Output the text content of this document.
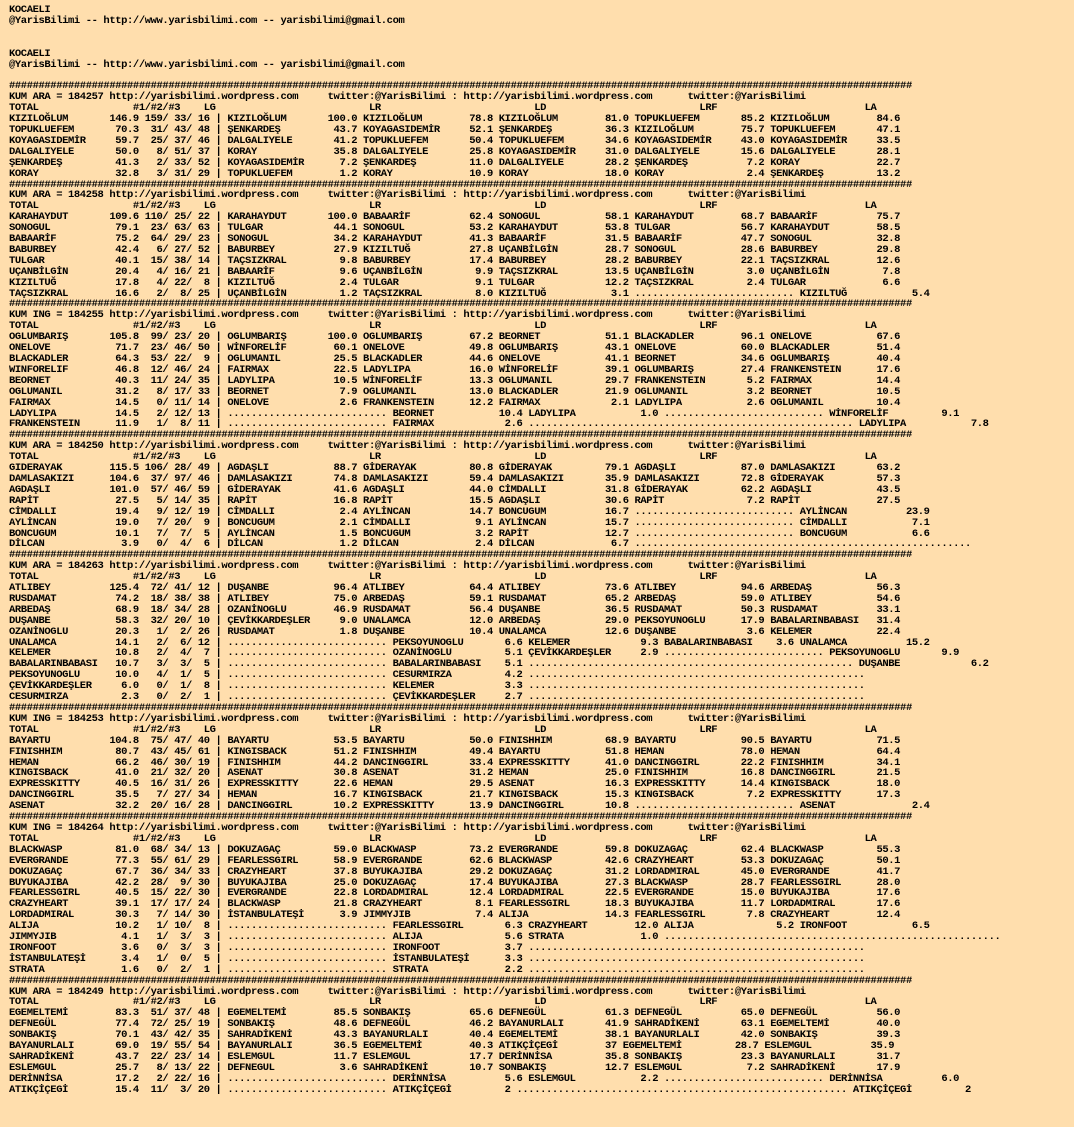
KOCAELI
@YarisBilimi -- http://www.yarisbilimi.com -- yarisbilimi@gmail.com

KOCAELI
@YarisBilimi -- http://www.yarisbilimi.com -- yarisbilimi@gmail.com

#########################################################################################################################################################
KUM ARA = 184257 http://yarisbilimi.wordpress.com     twitter:@YarisBilimi : http://yarisbilimi.wordpress.com      twitter:@YarisBilimi
TOTAL                #1/#2/#3    LG                          LR                          LD                          LRF                         LA
KIZILOĞLUM       146.9 159/ 33/ 16 | KIZILOĞLUM       100.0 KIZILOĞLUM        78.8 KIZILOĞLUM        81.0 TOPUKLUEFEM       85.2 KIZILOĞLUM        84.6
TOPUKLUEFEM       70.3  31/ 43/ 48 | ŞENKARDEŞ         43.7 KOYAGASIDEMİR     52.1 ŞENKARDEŞ         36.3 KIZILOĞLUM        75.7 TOPUKLUEFEM       47.1
KOYAGASIDEMİR     59.7  25/ 37/ 46 | DALGALIYELE       41.2 TOPUKLUEFEM       50.4 TOPUKLUEFEM       34.6 KOYAGASIDEMİR     43.0 KOYAGASIDEMİR     33.5
DALGALIYELE       50.0   8/ 51/ 37 | KORAY             35.8 DALGALIYELE       25.8 KOYAGASIDEMİR     31.0 DALGALIYELE       15.6 DALGALIYELE       28.1
ŞENKARDEŞ         41.3   2/ 33/ 52 | KOYAGASIDEMİR      7.2 ŞENKARDEŞ         11.0 DALGALIYELE       28.2 ŞENKARDEŞ          7.2 KORAY             22.7
KORAY             32.8   3/ 31/ 29 | TOPUKLUEFEM        1.2 KORAY             10.9 KORAY             18.0 KORAY              2.4 ŞENKARDEŞ         13.2
#########################################################################################################################################################
KUM ARA = 184258 http://yarisbilimi.wordpress.com     twitter:@YarisBilimi : http://yarisbilimi.wordpress.com      twitter:@YarisBilimi
TOTAL                #1/#2/#3    LG                          LR                          LD                          LRF                         LA
KARAHAYDUT       109.6 110/ 25/ 22 | KARAHAYDUT       100.0 BABAARİF          62.4 SONOGUL           58.1 KARAHAYDUT        68.7 BABAARİF          75.7
SONOGUL           79.1  23/ 63/ 63 | TULGAR            44.1 SONOGUL           53.2 KARAHAYDUT        53.8 TULGAR            56.7 KARAHAYDUT        58.5
BABAARİF          75.2  64/ 29/ 23 | SONOGUL           34.2 KARAHAYDUT        41.3 BABAARİF          31.5 BABAARİF          47.7 SONOGUL           32.8
BABURBEY          42.4   6/ 27/ 52 | BABURBEY          27.9 KIZILTUĞ          27.8 UÇANBİLGİN        28.7 SONOGUL           28.6 BABURBEY          29.8
TULGAR            40.1  15/ 38/ 14 | TAÇSIZKRAL         9.8 BABURBEY          17.4 BABURBEY          28.2 BABURBEY          22.1 TAÇSIZKRAL        12.6
UÇANBİLGİN        20.4   4/ 16/ 21 | BABAARİF           9.6 UÇANBİLGİN         9.9 TAÇSIZKRAL        13.5 UÇANBİLGİN         3.0 UÇANBİLGİN         7.8
KIZILTUĞ          17.8   4/ 22/  8 | KIZILTUĞ           2.4 TULGAR             9.1 TULGAR            12.2 TAÇSIZKRAL         2.4 TULGAR             6.6
TAÇSIZKRAL        16.6   2/  8/ 25 | UÇANBİLGİN         1.2 TAÇSIZKRAL         8.0 KIZILTUĞ           3.1 ........................... KIZILTUĞ           5.4
#########################################################################################################################################################
KUM ING = 184255 http://yarisbilimi.wordpress.com     twitter:@YarisBilimi : http://yarisbilimi.wordpress.com      twitter:@YarisBilimi
TOTAL                #1/#2/#3    LG                          LR                          LD                          LRF                         LA
OGLUMBARIŞ       105.8  99/ 23/ 20 | OGLUMBARIŞ       100.0 OGLUMBARIŞ        67.2 BEORNET           51.1 BLACKADLER        96.1 ONELOVE           67.6
ONELOVE           71.7  23/ 46/ 50 | WİNFORELİF        60.1 ONELOVE           49.8 OGLUMBARIŞ        43.1 ONELOVE           60.0 BLACKADLER        51.4
BLACKADLER        64.3  53/ 22/  9 | OGLUMANIL         25.5 BLACKADLER        44.6 ONELOVE           41.1 BEORNET           34.6 OGLUMBARIŞ        40.4
WINFORELIF        46.8  12/ 46/ 24 | FAIRMAX           22.5 LADYLIPA          16.0 WİNFORELİF        39.1 OGLUMBARIŞ        27.4 FRANKENSTEIN      17.6
BEORNET           40.3  11/ 24/ 35 | LADYLIPA          10.5 WİNFORELİF        13.3 OGLUMANIL         29.7 FRANKENSTEIN       5.2 FAIRMAX           14.4
OGLUMANIL         31.2   8/ 17/ 33 | BEORNET            7.9 OGLUMANIL         13.0 BLACKADLER        21.9 OGLUMANIL          3.2 BEORNET           10.5
FAIRMAX           14.5   0/ 11/ 14 | ONELOVE            2.6 FRANKENSTEIN      12.2 FAIRMAX            2.1 LADYLIPA           2.6 OGLUMANIL         10.4
LADYLIPA          14.5   2/ 12/ 13 | ........................... BEORNET           10.4 LADYLIPA           1.0 ........................... WİNFORELİF         9.1
FRANKENSTEIN      11.9   1/  8/ 11 | ........................... FAIRMAX            2.6 ....................................................... LADYLIPA           7.8
#########################################################################################################################################################
KUM ARA = 184250 http://yarisbilimi.wordpress.com     twitter:@YarisBilimi : http://yarisbilimi.wordpress.com      twitter:@YarisBilimi
TOTAL                #1/#2/#3    LG                          LR                          LD                          LRF                         LA
GIDERAYAK        115.5 106/ 28/ 49 | AGDAŞLI           88.7 GİDERAYAK         80.8 GİDERAYAK         79.1 AGDAŞLI           87.0 DAMLASAKIZI       63.2
DAMLASAKIZI      104.6  37/ 97/ 46 | DAMLASAKIZI       74.8 DAMLASAKIZI       59.4 DAMLASAKIZI       35.9 DAMLASAKIZI       72.8 GİDERAYAK         57.3
AGDAŞLI          101.0  57/ 46/ 59 | GİDERAYAK         41.6 AGDAŞLI           44.0 CİMDALLI          31.8 GİDERAYAK         62.2 AGDAŞLI           43.5
RAPİT             27.5   5/ 14/ 35 | RAPİT             16.8 RAPİT             15.5 AGDAŞLI           30.6 RAPİT              7.2 RAPİT             27.5
CİMDALLI          19.4   9/ 12/ 19 | CİMDALLI           2.4 AYLİNCAN          14.7 BONCUGUM          16.7 ........................... AYLİNCAN          23.9
AYLİNCAN          19.0   7/ 20/  9 | BONCUGUM           2.1 CİMDALLI           9.1 AYLİNCAN          15.7 ........................... CİMDALLI           7.1
BONCUGUM          10.1   7/  7/  5 | AYLİNCAN           1.5 BONCUGUM           3.2 RAPİT             12.7 ........................... BONCUGUM           6.6
DİLCAN             3.9   0/  4/  6 | DİLCAN             1.2 DİLCAN             2.4 DİLCAN             6.7 .........................................................
#########################################################################################################################################################
KUM ARA = 184263 http://yarisbilimi.wordpress.com     twitter:@YarisBilimi : http://yarisbilimi.wordpress.com      twitter:@YarisBilimi
TOTAL                #1/#2/#3    LG                          LR                          LD                          LRF                         LA
ATLIBEY          125.4  72/ 41/ 12 | DUŞANBE           96.4 ATLIBEY           64.4 ATLIBEY           73.6 ATLIBEY           94.6 ARBEDAŞ           56.3
RUSDAMAT          74.2  18/ 38/ 38 | ATLIBEY           75.0 ARBEDAŞ           59.1 RUSDAMAT          65.2 ARBEDAŞ           59.0 ATLIBEY           54.6
ARBEDAŞ           68.9  18/ 34/ 28 | OZANİNOGLU        46.9 RUSDAMAT          56.4 DUŞANBE           36.5 RUSDAMAT          50.3 RUSDAMAT          33.1
DUŞANBE           58.3  32/ 20/ 10 | ÇEVİKKARDEŞLER     9.0 UNALAMCA          12.0 ARBEDAŞ           29.0 PEKSOYUNOGLU      17.9 BABALARINBABASI   31.4
OZANİNOGLU        20.3   1/  2/ 26 | RUSDAMAT           1.8 DUŞANBE           10.4 UNALAMCA          12.6 DUŞANBE            3.6 KELEMER           22.4
UNALAMCA          14.1   2/  6/ 12 | ........................... PEKSOYUNOGLU       6.6 KELEMER            9.3 BABALARINBABASI    3.6 UNALAMCA          15.2
KELEMER           10.8   2/  4/  7 | ........................... OZANİNOGLU         5.1 ÇEVİKKARDEŞLER     2.9 ........................... PEKSOYUNOGLU       9.9
BABALARINBABASI   10.7   3/  3/  5 | ........................... BABALARINBABASI    5.1 ....................................................... DUŞANBE            6.2
PEKSOYUNOGLU      10.0   4/  1/  5 | ........................... CESURMIRZA         4.2 .........................................................
ÇEVİKKARDEŞLER     6.0   0/  1/  8 | ........................... KELEMER            3.3 .........................................................
CESURMIRZA         2.3   0/  2/  1 | ........................... ÇEVİKKARDEŞLER     2.7 .........................................................
#########################################################################################################################################################
KUM ING = 184253 http://yarisbilimi.wordpress.com     twitter:@YarisBilimi : http://yarisbilimi.wordpress.com      twitter:@YarisBilimi
TOTAL                #1/#2/#3    LG                          LR                          LD                          LRF                         LA
BAYARTU          104.8  75/ 47/ 40 | BAYARTU           53.5 BAYARTU           50.0 FINISHHIM         68.9 BAYARTU           90.5 BAYARTU           71.5
FINISHHIM         80.7  43/ 45/ 61 | KINGISBACK        51.2 FINISHHIM         49.4 BAYARTU           51.8 HEMAN             78.0 HEMAN             64.4
HEMAN             66.2  46/ 30/ 19 | FINISHHIM         44.2 DANCINGGIRL       33.4 EXPRESSKITTY      41.0 DANCINGGIRL       22.2 FINISHHIM         34.1
KINGISBACK        41.0  21/ 32/ 20 | ASENAT            30.8 ASENAT            31.2 HEMAN             25.0 FINISHHIM         16.8 DANCINGGIRL       21.5
EXPRESSKITTY      40.5  16/ 31/ 26 | EXPRESSKITTY      22.6 HEMAN             29.5 ASENAT            16.3 EXPRESSKITTY      14.4 KINGISBACK        18.0
DANCINGGIRL       35.5   7/ 27/ 34 | HEMAN             16.7 KINGISBACK        21.7 KINGISBACK        15.3 KINGISBACK         7.2 EXPRESSKITTY      17.3
ASENAT            32.2  20/ 16/ 28 | DANCINGGIRL       10.2 EXPRESSKITTY      13.9 DANCINGGIRL       10.8 ........................... ASENAT             2.4
#########################################################################################################################################################
KUM ING = 184264 http://yarisbilimi.wordpress.com     twitter:@YarisBilimi : http://yarisbilimi.wordpress.com      twitter:@YarisBilimi
TOTAL                #1/#2/#3    LG                          LR                          LD                          LRF                         LA
BLACKWASP         81.0  68/ 34/ 13 | DOKUZAGAÇ         59.0 BLACKWASP         73.2 EVERGRANDE        59.8 DOKUZAGAÇ         62.4 BLACKWASP         55.3
EVERGRANDE        77.3  55/ 61/ 29 | FEARLESSGIRL      58.9 EVERGRANDE        62.6 BLACKWASP         42.6 CRAZYHEART        53.3 DOKUZAGAÇ         50.1
DOKUZAGAÇ         67.7  36/ 34/ 33 | CRAZYHEART        37.8 BUYUKAJIBA        29.2 DOKUZAGAÇ         31.2 LORDADMIRAL       45.0 EVERGRANDE        41.7
BUYUKAJIBA        42.2  28/  9/ 30 | BUYUKAJIBA        25.0 DOKUZAGAÇ         17.4 BUYUKAJIBA        27.3 BLACKWASP         28.7 FEARLESSGIRL      28.0
FEARLESSGIRL      40.5  15/ 22/ 30 | EVERGRANDE        22.8 LORDADMIRAL       12.4 LORDADMIRAL       22.5 EVERGRANDE        15.0 BUYUKAJIBA        17.6
CRAZYHEART        39.1  17/ 17/ 24 | BLACKWASP         21.8 CRAZYHEART         8.1 FEARLESSGIRL      18.3 BUYUKAJIBA        11.7 LORDADMIRAL       17.6
LORDADMIRAL       30.3   7/ 14/ 30 | İSTANBULATEŞİ      3.9 JIMMYJIB           7.4 ALIJA             14.3 FEARLESSGIRL       7.8 CRAZYHEART        12.4
ALIJA             10.2   1/ 10/  8 | ........................... FEARLESSGIRL       6.3 CRAZYHEART        12.0 ALIJA              5.2 IRONFOOT           6.5
JIMMYJIB           4.1   1/  3/  3 | ........................... ALIJA              5.6 STRATA             1.0 .........................................................
IRONFOOT           3.6   0/  3/  3 | ........................... IRONFOOT           3.7 .........................................................
İSTANBULATEŞİ      3.4   1/  0/  5 | ........................... İSTANBULATEŞİ      3.3 .........................................................
STRATA             1.6   0/  2/  1 | ........................... STRATA             2.2 .........................................................
#########################################################################################################################################################
KUM ARA = 184249 http://yarisbilimi.wordpress.com     twitter:@YarisBilimi : http://yarisbilimi.wordpress.com      twitter:@YarisBilimi
TOTAL                #1/#2/#3    LG                          LR                          LD                          LRF                         LA
EGEMELTEMİ        83.3  51/ 37/ 48 | EGEMELTEMİ        85.5 SONBAKIŞ          65.6 DEFNEGÜL          61.3 DEFNEGÜL          65.0 DEFNEGÜL          56.0
DEFNEGÜL          77.4  72/ 25/ 19 | SONBAKIŞ          48.6 DEFNEGÜL          46.2 BAYANURLALI       41.9 SAHRADİKENİ       63.1 EGEMELTEMİ        40.0
SONBAKIŞ          70.1  43/ 42/ 35 | SAHRADİKENİ       43.3 BAYANURLALI       40.4 EGEMELTEMİ        38.1 BAYANURLALI       42.0 SONBAKIŞ          39.3
BAYANURLALI       69.0  19/ 55/ 54 | BAYANURLALI       36.5 EGEMELTEMİ        40.3 ATIKÇİÇEGİ        37 EGEMELTEMİ         28.7 ESLEMGUL          35.9
SAHRADİKENİ       43.7  22/ 23/ 14 | ESLEMGUL          11.7 ESLEMGUL          17.7 DERİNNİSA         35.8 SONBAKIŞ          23.3 BAYANURLALI       31.7
ESLEMGUL          25.7   8/ 13/ 22 | DEFNEGUL           3.6 SAHRADİKENİ       10.7 SONBAKIŞ          12.7 ESLEMGUL           7.2 SAHRADİKENİ       17.9
DERİNNİSA         17.2   2/ 22/ 16 | ........................... DERİNNİSA          5.6 ESLEMGUL           2.2 ........................... DERİNNİSA          6.0
ATIKÇİÇEGİ        15.4  11/  3/ 20 | ........................... ATIKÇİÇEGİ         2 ........................................................ ATIKÇİÇEGİ         2
